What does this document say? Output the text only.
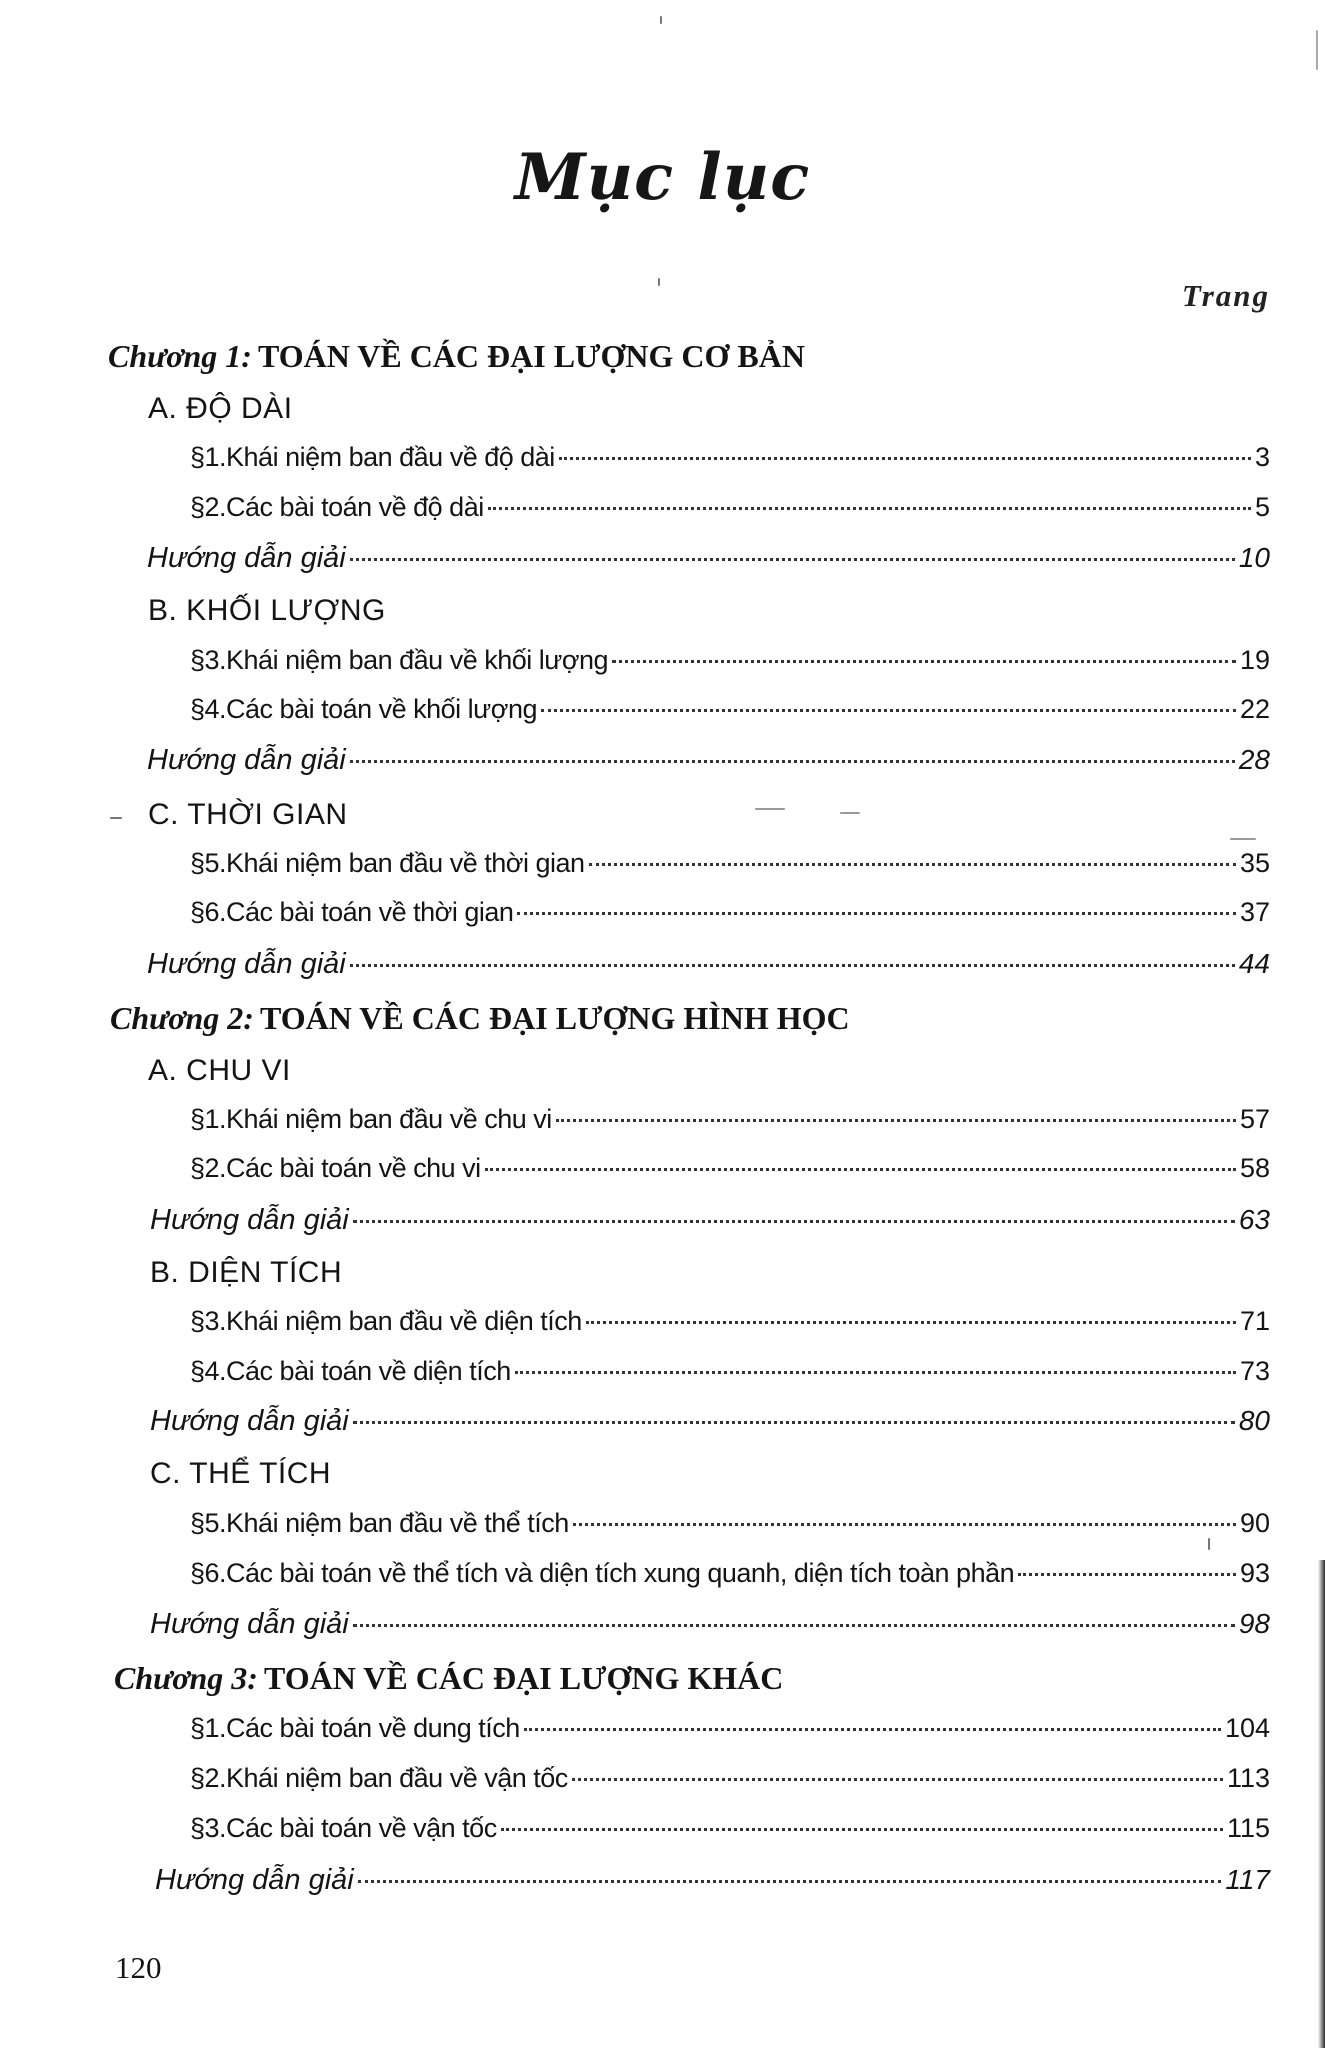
Mục lục
Trang
Chương 1: TOÁN VỀ CÁC ĐẠI LƯỢNG CƠ BẢN
A. ĐỘ DÀI
§1.Khái niệm ban đầu về độ dài	3
§2.Các bài toán về độ dài	5
Hướng dẫn giải	10
B. KHỐI LƯỢNG
§3.Khái niệm ban đầu về khối lượng	19
§4.Các bài toán về khối lượng	22
Hướng dẫn giải	28
C. THỜI GIAN
§5.Khái niệm ban đầu về thời gian	35
§6.Các bài toán về thời gian	37
Hướng dẫn giải	44
Chương 2: TOÁN VỀ CÁC ĐẠI LƯỢNG HÌNH HỌC
A. CHU VI
§1.Khái niệm ban đầu về chu vi	57
§2.Các bài toán về chu vi	58
Hướng dẫn giải	63
B. DIỆN TÍCH
§3.Khái niệm ban đầu về diện tích	71
§4.Các bài toán về diện tích	73
Hướng dẫn giải	80
C. THỂ TÍCH
§5.Khái niệm ban đầu về thể tích	90
§6.Các bài toán về thể tích và diện tích xung quanh, diện tích toàn phần	93
Hướng dẫn giải	98
Chương 3: TOÁN VỀ CÁC ĐẠI LƯỢNG KHÁC
§1.Các bài toán về dung tích	104
§2.Khái niệm ban đầu về vận tốc	113
§3.Các bài toán về vận tốc	115
Hướng dẫn giải	117
120
